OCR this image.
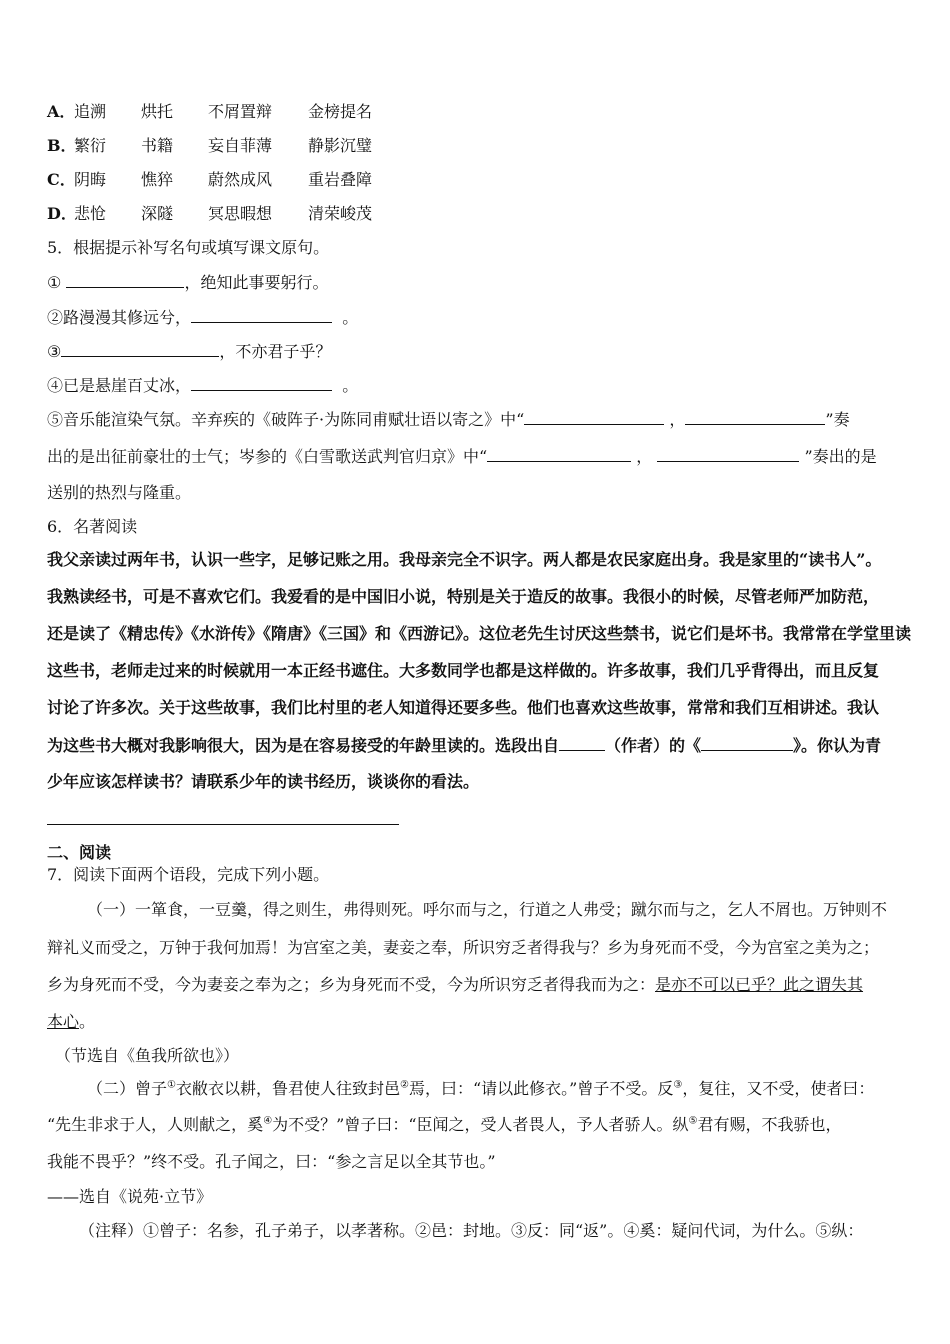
A．追溯 烘托 不屑置辩 金榜提名
B．繁衍 书籍 妄自菲薄 静影沉璧
C．阴晦 憔猝 蔚然成风 重岩叠障
D．悲怆 深隧 冥思暇想 清荣峻茂
5．根据提示补写名句或填写课文原句。
①	，绝知此事要躬行。
②路漫漫其修远兮，	。
③	，不亦君子乎？
④已是悬崖百丈冰，	。
⑤音乐能渲染气氛。辛弃疾的《破阵子·为陈同甫赋壮语以寄之》中“	，	”奏
出的是出征前豪壮的士气；岑参的《白雪歌送武判官归京》中“	，	”奏出的是
送别的热烈与隆重。
6．名著阅读
我父亲读过两年书，认识一些字，足够记账之用。我母亲完全不识字。两人都是农民家庭出身。我是家里的“读书人”。
我熟读经书，可是不喜欢它们。我爱看的是中国旧小说，特别是关于造反的故事。我很小的时候，尽管老师严加防范，
还是读了《精忠传》《水浒传》《隋唐》《三国》和《西游记》。这位老先生讨厌这些禁书，说它们是坏书。我常常在学堂里读
这些书，老师走过来的时候就用一本正经书遮住。大多数同学也都是这样做的。许多故事，我们几乎背得出，而且反复
讨论了许多次。关于这些故事，我们比村里的老人知道得还要多些。他们也喜欢这些故事，常常和我们互相讲述。我认
为这些书大概对我影响很大，因为是在容易接受的年龄里读的。选段出自	（作者）的《	》。你认为青
少年应该怎样读书？请联系少年的读书经历，谈谈你的看法。
二、阅读
7．阅读下面两个语段，完成下列小题。
（一）一箪食，一豆羹，得之则生，弗得则死。呼尔而与之，行道之人弗受；蹴尔而与之，乞人不屑也。万钟则不
辩礼义而受之，万钟于我何加焉！为宫室之美，妻妾之奉，所识穷乏者得我与？乡为身死而不受，今为宫室之美为之；
乡为身死而不受，今为妻妾之奉为之；乡为身死而不受，今为所识穷乏者得我而为之：是亦不可以已乎？此之谓失其
本心。
（节选自《鱼我所欲也》）
（二）曾子①衣敝衣以耕，鲁君使人往致封邑②焉，曰：“请以此修衣。”曾子不受。反③，复往，又不受，使者曰：
“先生非求于人，人则献之，奚④为不受？”曾子曰：“臣闻之，受人者畏人，予人者骄人。纵⑤君有赐，不我骄也，
我能不畏乎？”终不受。孔子闻之，曰：“参之言足以全其节也。”
——选自《说苑·立节》
（注释）①曾子：名参，孔子弟子，以孝著称。②邑：封地。③反：同“返”。④奚：疑问代词，为什么。⑤纵：
